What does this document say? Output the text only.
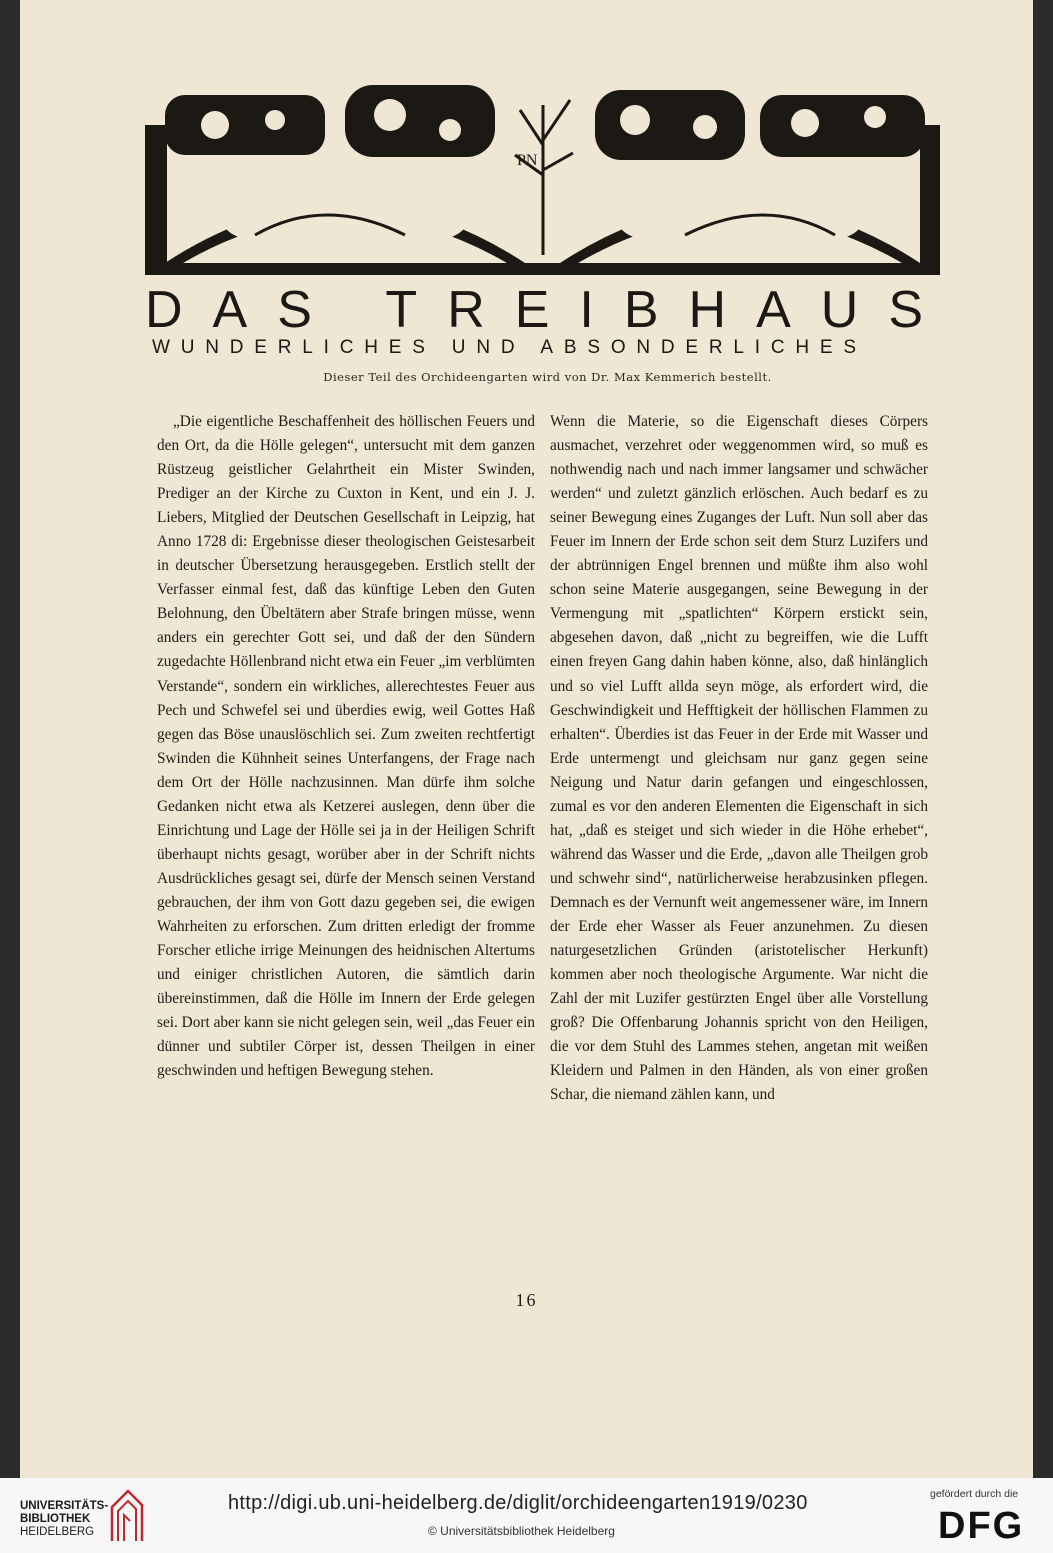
PN
DAS TREIBHAUS
WUNDERLICHES UND ABSONDERLICHES
Dieser Teil des Orchideengarten wird von Dr. Max Kemmerich bestellt.

„Die eigentliche Beschaffenheit des höllischen Feuers und den Ort, da die Hölle gelegen“, untersucht mit dem ganzen Rüstzeug geistlicher Gelahrtheit ein Mister Swinden, Prediger an der Kirche zu Cuxton in Kent, und ein J. J. Liebers, Mitglied der Deutschen Gesellschaft in Leipzig, hat Anno 1728 di: Ergebnisse dieser theologischen Geistesarbeit in deutscher Übersetzung herausgegeben. Erstlich stellt der Verfasser einmal fest, daß das künftige Leben den Guten Belohnung, den Übeltätern aber Strafe bringen müsse, wenn anders ein gerechter Gott sei, und daß der den Sündern zugedachte Höllenbrand nicht etwa ein Feuer „im verblümten Verstande“, sondern ein wirkliches, allerechtestes Feuer aus Pech und Schwefel sei und überdies ewig, weil Gottes Haß gegen das Böse unauslöschlich sei. Zum zweiten rechtfertigt Swinden die Kühnheit seines Unterfangens, der Frage nach dem Ort der Hölle nachzusinnen. Man dürfe ihm solche Gedanken nicht etwa als Ketzerei auslegen, denn über die Einrichtung und Lage der Hölle sei ja in der Heiligen Schrift überhaupt nichts gesagt, worüber aber in der Schrift nichts Ausdrückliches gesagt sei, dürfe der Mensch seinen Verstand gebrauchen, der ihm von Gott dazu gegeben sei, die ewigen Wahrheiten zu erforschen. Zum dritten erledigt der fromme Forscher etliche irrige Meinungen des heidnischen Altertums und einiger christlichen Autoren, die sämtlich darin übereinstimmen, daß die Hölle im Innern der Erde gelegen sei. Dort aber kann sie nicht gelegen sein, weil „das Feuer ein dünner und subtiler Cörper ist, dessen Theilgen in einer geschwinden und heftigen Bewegung stehen.

Wenn die Materie, so die Eigenschaft dieses Cörpers ausmachet, verzehret oder weggenommen wird, so muß es nothwendig nach und nach immer langsamer und schwächer werden“ und zuletzt gänzlich erlöschen. Auch bedarf es zu seiner Bewegung eines Zuganges der Luft. Nun soll aber das Feuer im Innern der Erde schon seit dem Sturz Luzifers und der abtrünnigen Engel brennen und müßte ihm also wohl schon seine Materie ausgegangen, seine Bewegung in der Vermengung mit „spatlichten“ Körpern erstickt sein, abgesehen davon, daß „nicht zu begreiffen, wie die Lufft einen freyen Gang dahin haben könne, also, daß hinlänglich und so viel Lufft allda seyn möge, als erfordert wird, die Geschwindigkeit und Hefftigkeit der höllischen Flammen zu erhalten“. Überdies ist das Feuer in der Erde mit Wasser und Erde untermengt und gleichsam nur ganz gegen seine Neigung und Natur darin gefangen und eingeschlossen, zumal es vor den anderen Elementen die Eigenschaft in sich hat, „daß es steiget und sich wieder in die Höhe erhebet“, während das Wasser und die Erde, „davon alle Theilgen grob und schwehr sind“, natürlicherweise herabzusinken pflegen. Demnach es der Vernunft weit angemessener wäre, im Innern der Erde eher Wasser als Feuer anzunehmen. Zu diesen naturgesetzlichen Gründen (aristotelischer Herkunft) kommen aber noch theologische Argumente. War nicht die Zahl der mit Luzifer gestürzten Engel über alle Vorstellung groß? Die Offenbarung Johannis spricht von den Heiligen, die vor dem Stuhl des Lammes stehen, angetan mit weißen Kleidern und Palmen in den Händen, als von einer großen Schar, die niemand zählen kann, und

16
UNIVERSITÄTS-
BIBLIOTHEK
HEIDELBERG
http://digi.ub.uni-heidelberg.de/diglit/orchideengarten1919/0230
© Universitätsbibliothek Heidelberg
gefördert durch die
DFG
